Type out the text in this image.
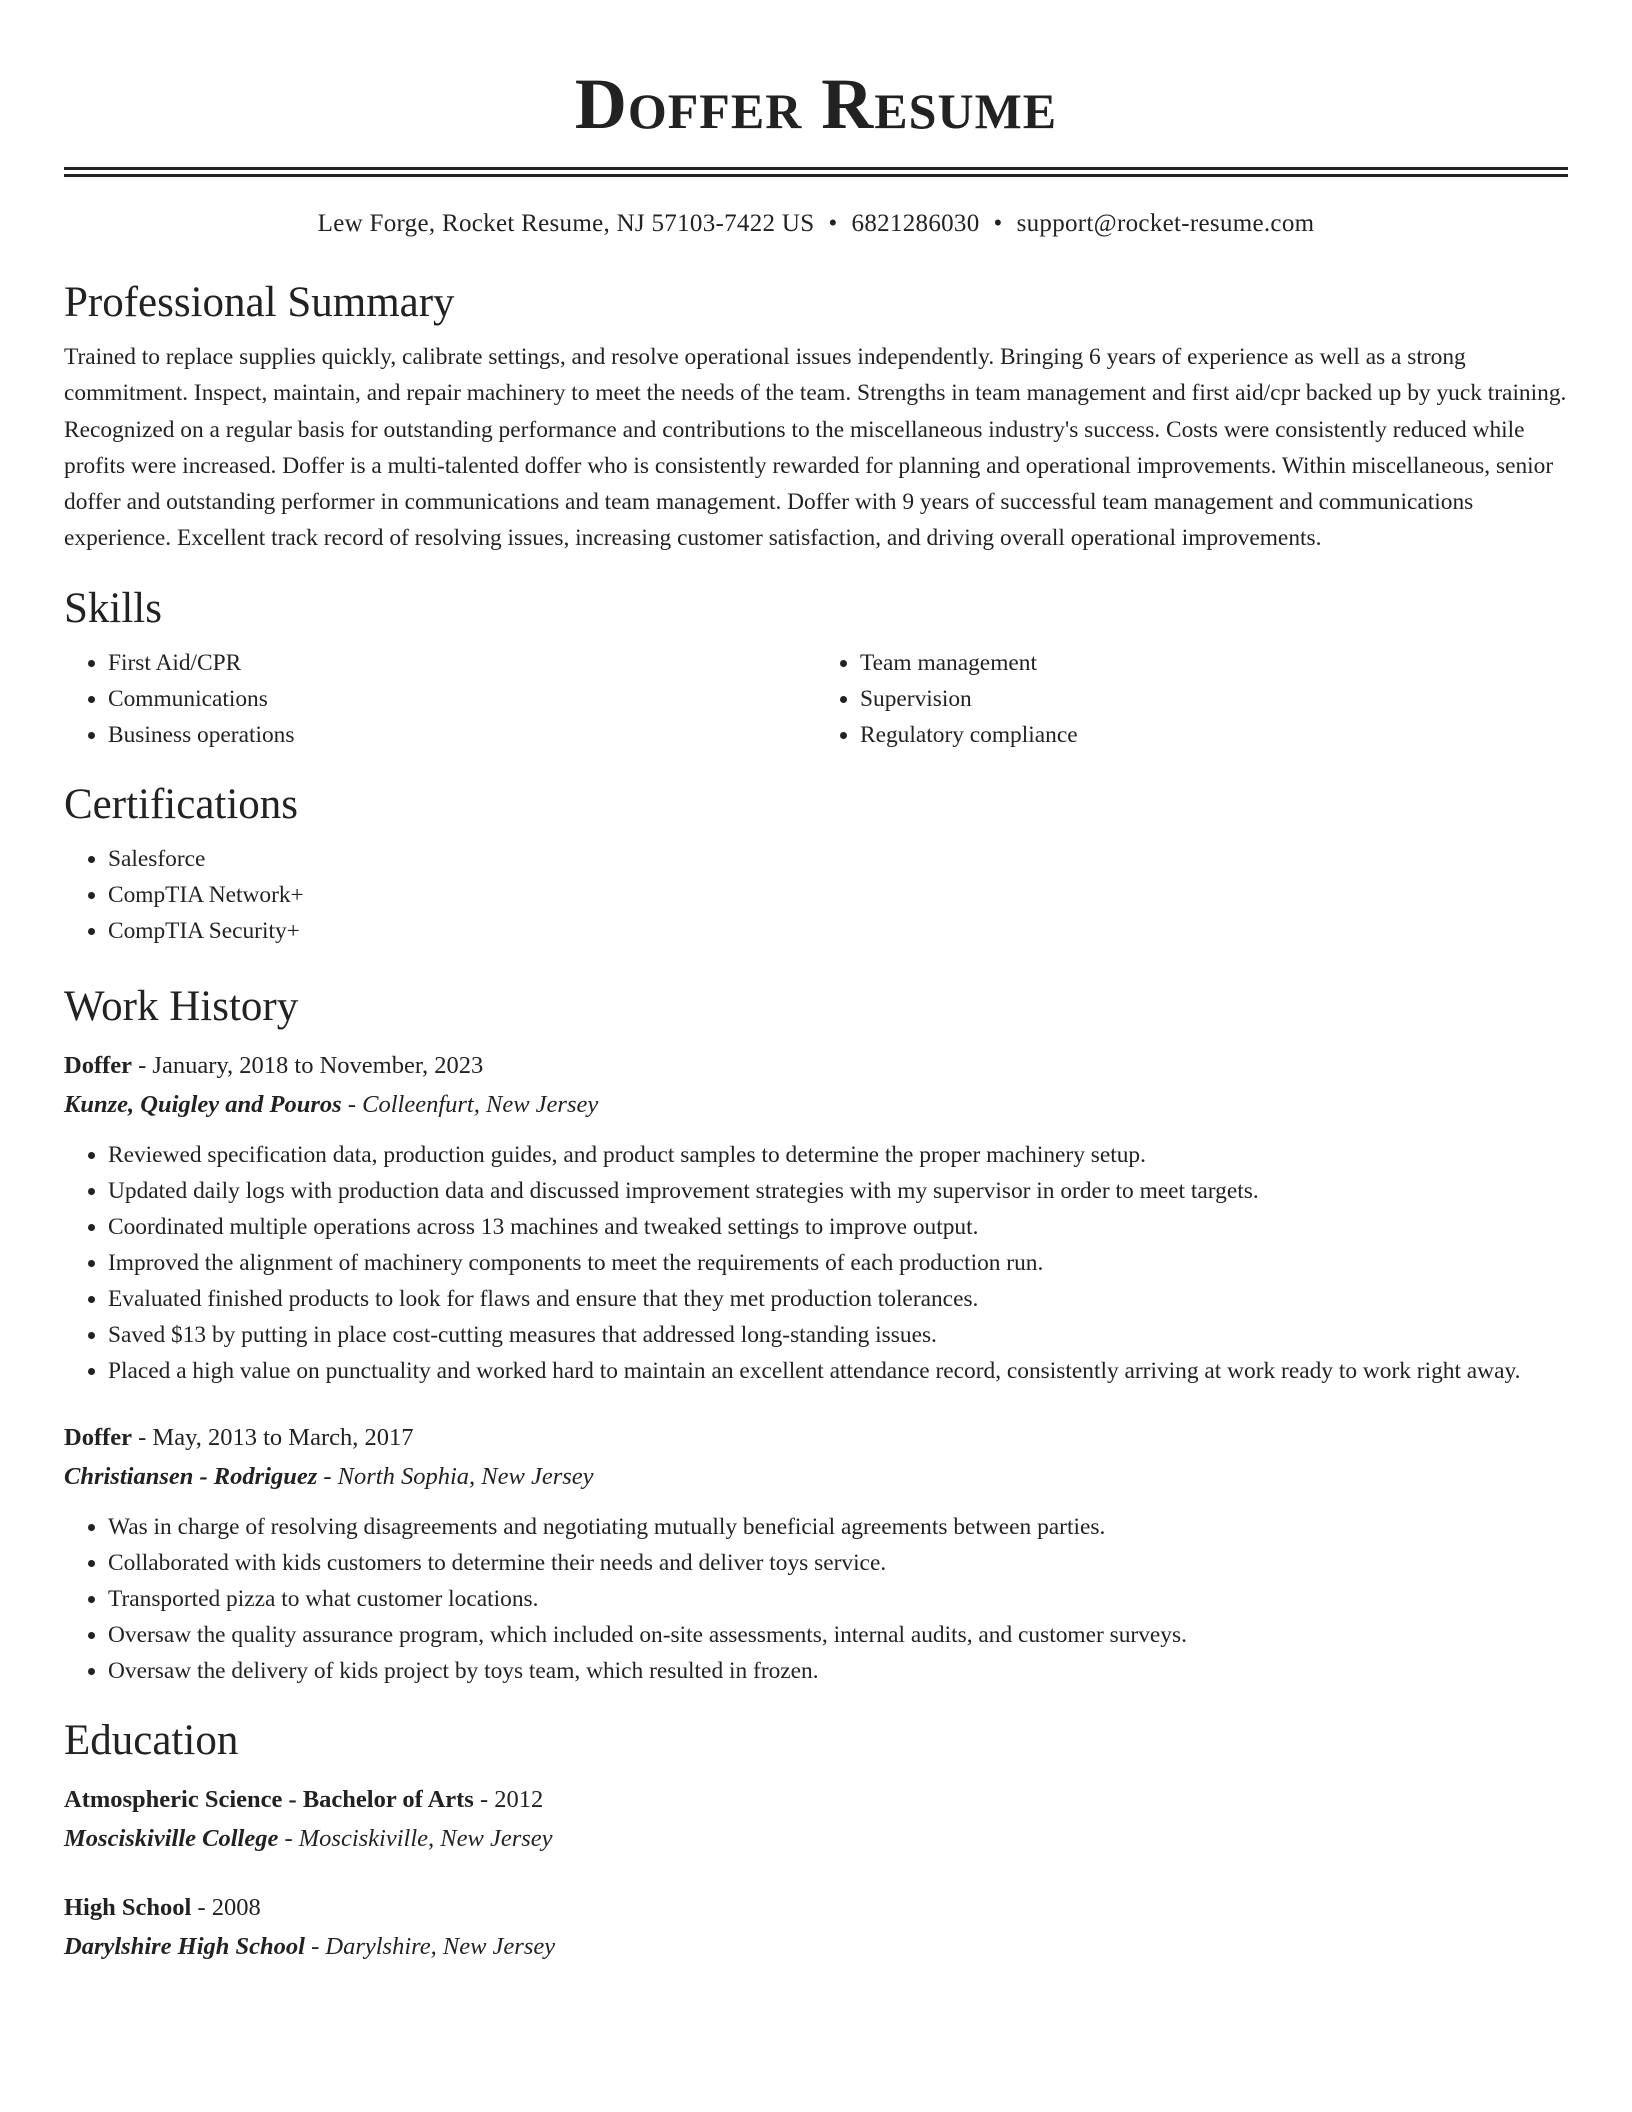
Doffer Resume
Lew Forge, Rocket Resume, NJ 57103-7422 US • 6821286030 • support@rocket-resume.com
Professional Summary
Trained to replace supplies quickly, calibrate settings, and resolve operational issues independently. Bringing 6 years of experience as well as a strong commitment. Inspect, maintain, and repair machinery to meet the needs of the team. Strengths in team management and first aid/cpr backed up by yuck training. Recognized on a regular basis for outstanding performance and contributions to the miscellaneous industry's success. Costs were consistently reduced while profits were increased. Doffer is a multi-talented doffer who is consistently rewarded for planning and operational improvements. Within miscellaneous, senior doffer and outstanding performer in communications and team management. Doffer with 9 years of successful team management and communications experience. Excellent track record of resolving issues, increasing customer satisfaction, and driving overall operational improvements.
Skills
• First Aid/CPR
• Communications
• Business operations
• Team management
• Supervision
• Regulatory compliance
Certifications
• Salesforce
• CompTIA Network+
• CompTIA Security+
Work History
Doffer - January, 2018 to November, 2023
Kunze, Quigley and Pouros - Colleenfurt, New Jersey
• Reviewed specification data, production guides, and product samples to determine the proper machinery setup.
• Updated daily logs with production data and discussed improvement strategies with my supervisor in order to meet targets.
• Coordinated multiple operations across 13 machines and tweaked settings to improve output.
• Improved the alignment of machinery components to meet the requirements of each production run.
• Evaluated finished products to look for flaws and ensure that they met production tolerances.
• Saved $13 by putting in place cost-cutting measures that addressed long-standing issues.
• Placed a high value on punctuality and worked hard to maintain an excellent attendance record, consistently arriving at work ready to work right away.
Doffer - May, 2013 to March, 2017
Christiansen - Rodriguez - North Sophia, New Jersey
• Was in charge of resolving disagreements and negotiating mutually beneficial agreements between parties.
• Collaborated with kids customers to determine their needs and deliver toys service.
• Transported pizza to what customer locations.
• Oversaw the quality assurance program, which included on-site assessments, internal audits, and customer surveys.
• Oversaw the delivery of kids project by toys team, which resulted in frozen.
Education
Atmospheric Science - Bachelor of Arts - 2012
Mosciskiville College - Mosciskiville, New Jersey
High School - 2008
Darylshire High School - Darylshire, New Jersey
